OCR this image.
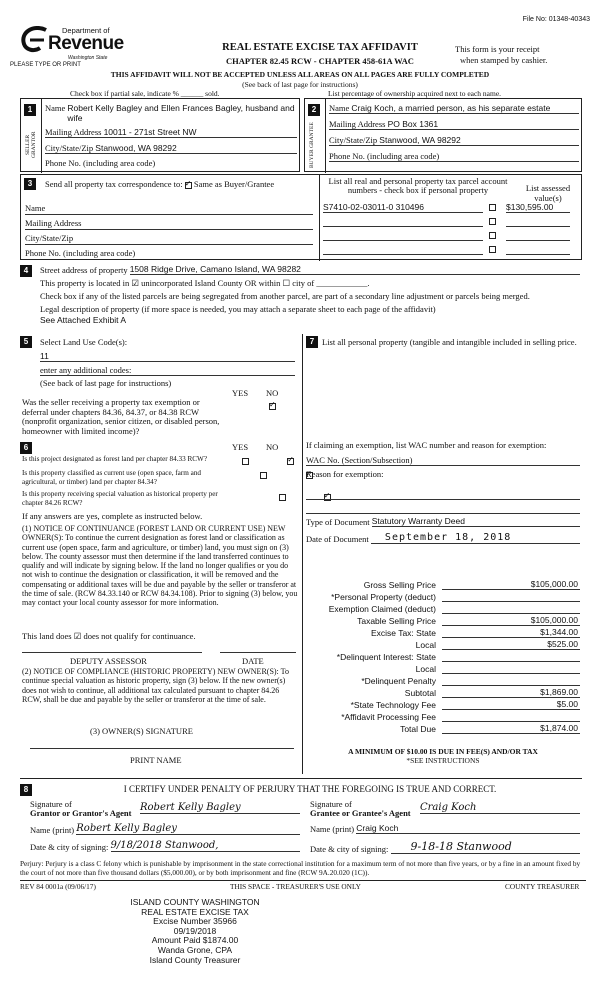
File No: 01348-40343
Department of
Revenue
Washington State
PLEASE TYPE OR PRINT
REAL ESTATE EXCISE TAX AFFIDAVIT
CHAPTER 82.45 RCW - CHAPTER 458-61A WAC
This form is your receipt
when stamped by cashier.
THIS AFFIDAVIT WILL NOT BE ACCEPTED UNLESS ALL AREAS ON ALL PAGES ARE FULLY COMPLETED
(See back of last page for instructions)
Check box if partial sale, indicate % ______ sold.	List percentage of ownership acquired next to each name.
1
SELLER GRANTOR
Name
Robert Kelly Bagley and Ellen Frances Bagley, husband and wife
Mailing Address
10011 - 271st Street NW
City/State/Zip
Stanwood, WA 98292
Phone No. (including area code)
2
BUYER GRANTEE
Name
Craig Koch, a married person, as his separate estate
Mailing Address
PO Box 1361
City/State/Zip
Stanwood, WA 98292
Phone No. (including area code)
3	Send all property tax correspondence to: ✓ Same as Buyer/Grantee
Name
Mailing Address
City/State/Zip
Phone No. (including area code)
List all real and personal property tax parcel account
numbers - check box if personal property	List assessed value(s)
S7410-02-03011-0 310496	$130,595.00
4	Street address of property
1508 Ridge Drive, Camano Island, WA 98282
This property is located in ☑ unincorporated Island County OR within ☐ city of ____________.
Check box if any of the listed parcels are being segregated from another parcel, are part of a secondary line adjustment or parcels being merged.
Legal description of property (if more space is needed, you may attach a separate sheet to each page of the affidavit)
See Attached Exhibit A
5	Select Land Use Code(s):
11
enter any additional codes:
(See back of last page for instructions)
YES NO
Was the seller receiving a property tax exemption or deferral under chapters 84.36, 84.37, or 84.38 RCW (nonprofit organization, senior citizen, or disabled person, homeowner with limited income)?
✓
6	YES NO
Is this project designated as forest land per chapter 84.33 RCW?
✓
Is this property classified as current use (open space, farm and agricultural, or timber) land per chapter 84.34?
✓
Is this property receiving special valuation as historical property per chapter 84.26 RCW?
✓
If any answers are yes, complete as instructed below.
(1) NOTICE OF CONTINUANCE (FOREST LAND OR CURRENT USE) NEW OWNER(S): To continue the current designation as forest land or classification as current use (open space, farm and agriculture, or timber) land, you must sign on (3) below. The county assessor must then determine if the land transferred continues to qualify and will indicate by signing below. If the land no longer qualifies or you do not wish to continue the designation or classification, it will be removed and the compensating or additional taxes will be due and payable by the seller or transferor at the time of sale. (RCW 84.33.140 or RCW 84.34.108). Prior to signing (3) below, you may contact your local county assessor for more information.
This land does ☑ does not qualify for continuance.
DEPUTY ASSESSOR	DATE
(2) NOTICE OF COMPLIANCE (HISTORIC PROPERTY) NEW OWNER(S): To continue special valuation as historic property, sign (3) below. If the new owner(s) does not wish to continue, all additional tax calculated pursuant to chapter 84.26 RCW, shall be due and payable by the seller or transferor at the time of sale.
(3) OWNER(S) SIGNATURE
PRINT NAME
7 List all personal property (tangible and intangible included in selling price.
If claiming an exemption, list WAC number and reason for exemption:
WAC No. (Section/Subsection)
Reason for exemption:
Type of Document
Statutory Warranty Deed
Date of Document
	September 18, 2018
Gross Selling Price	$105,000.00
*Personal Property (deduct)
Exemption Claimed (deduct)
Taxable Selling Price	$105,000.00
Excise Tax: State	$1,344.00
Local	$525.00
*Delinquent Interest: State
Local
*Delinquent Penalty
Subtotal	$1,869.00
*State Technology Fee	$5.00
*Affidavit Processing Fee
Total Due	$1,874.00
A MINIMUM OF $10.00 IS DUE IN FEE(S) AND/OR TAX
*SEE INSTRUCTIONS
8	I CERTIFY UNDER PENALTY OF PERJURY THAT THE FOREGOING IS TRUE AND CORRECT.
Signature of
Grantor or Grantor's Agent Robert Kelly Bagley
Name (print)
Robert Kelly Bagley
Date & city of signing:
9/18/2018 Stanwood,
Signature of
Grantee or Grantee's Agent Craig Koch
Name (print)
Craig Koch
Date & city of signing:
	9-18-18 Stanwood
Perjury: Perjury is a class C felony which is punishable by imprisonment in the state correctional institution for a maximum term of not more than five years, or by a fine in an amount fixed by the court of not more than five thousand dollars ($5,000.00), or by both imprisonment and fine (RCW 9A.20.020 (1C)).
REV 84 0001a (09/06/17)	THIS SPACE - TREASURER'S USE ONLY	COUNTY TREASURER
ISLAND COUNTY WASHINGTON
REAL ESTATE EXCISE TAX
Excise Number 35966
09/19/2018
Amount Paid $1874.00
Wanda Grone, CPA
Island County Treasurer
